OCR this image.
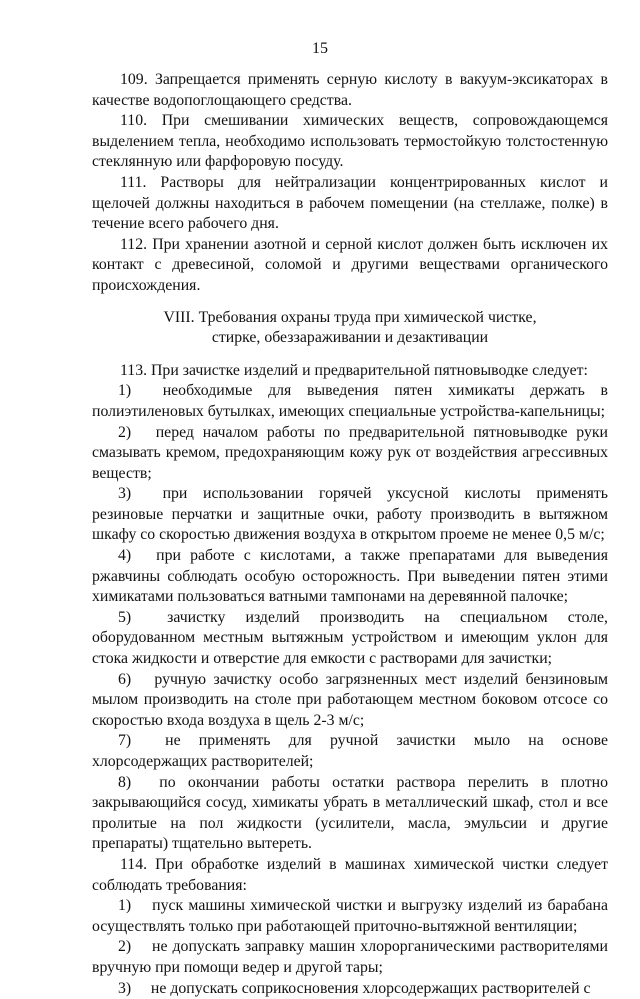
15

109. Запрещается применять серную кислоту в вакуум-эксикаторах в качестве водопоглощающего средства.

110. При смешивании химических веществ, сопровождающемся выделением тепла, необходимо использовать термостойкую толстостенную стеклянную или фарфоровую посуду.

111. Растворы для нейтрализации концентрированных кислот и щелочей должны находиться в рабочем помещении (на стеллаже, полке) в течение всего рабочего дня.

112. При хранении азотной и серной кислот должен быть исключен их контакт с древесиной, соломой и другими веществами органического происхождения.

VIII. Требования охраны труда при химической чистке, стирке, обеззараживании и дезактивации

113. При зачистке изделий и предварительной пятновыводке следует:

1)  необходимые для выведения пятен химикаты держать в полиэтиленовых бутылках, имеющих специальные устройства-капельницы;

2)  перед началом работы по предварительной пятновыводке руки смазывать кремом, предохраняющим кожу рук от воздействия агрессивных веществ;

3)  при использовании горячей уксусной кислоты применять резиновые перчатки и защитные очки, работу производить в вытяжном шкафу со скоростью движения воздуха в открытом проеме не менее 0,5 м/с;

4)  при работе с кислотами, а также препаратами для выведения ржавчины соблюдать особую осторожность. При выведении пятен этими химикатами пользоваться ватными тампонами на деревянной палочке;

5)  зачистку изделий производить на специальном столе, оборудованном местным вытяжным устройством и имеющим уклон для стока жидкости и отверстие для емкости с растворами для зачистки;

6)  ручную зачистку особо загрязненных мест изделий бензиновым мылом производить на столе при работающем местном боковом отсосе со скоростью входа воздуха в щель 2-3 м/с;

7)  не применять для ручной зачистки мыло на основе хлорсодержащих растворителей;

8)  по окончании работы остатки раствора перелить в плотно закрывающийся сосуд, химикаты убрать в металлический шкаф, стол и все пролитые на пол жидкости (усилители, масла, эмульсии и другие препараты) тщательно вытереть.

114. При обработке изделий в машинах химической чистки следует соблюдать требования:

1)  пуск машины химической чистки и выгрузку изделий из барабана осуществлять только при работающей приточно-вытяжной вентиляции;

2)  не допускать заправку машин хлорорганическими растворителями вручную при помощи ведер и другой тары;

3)  не допускать соприкосновения хлорсодержащих растворителей с
